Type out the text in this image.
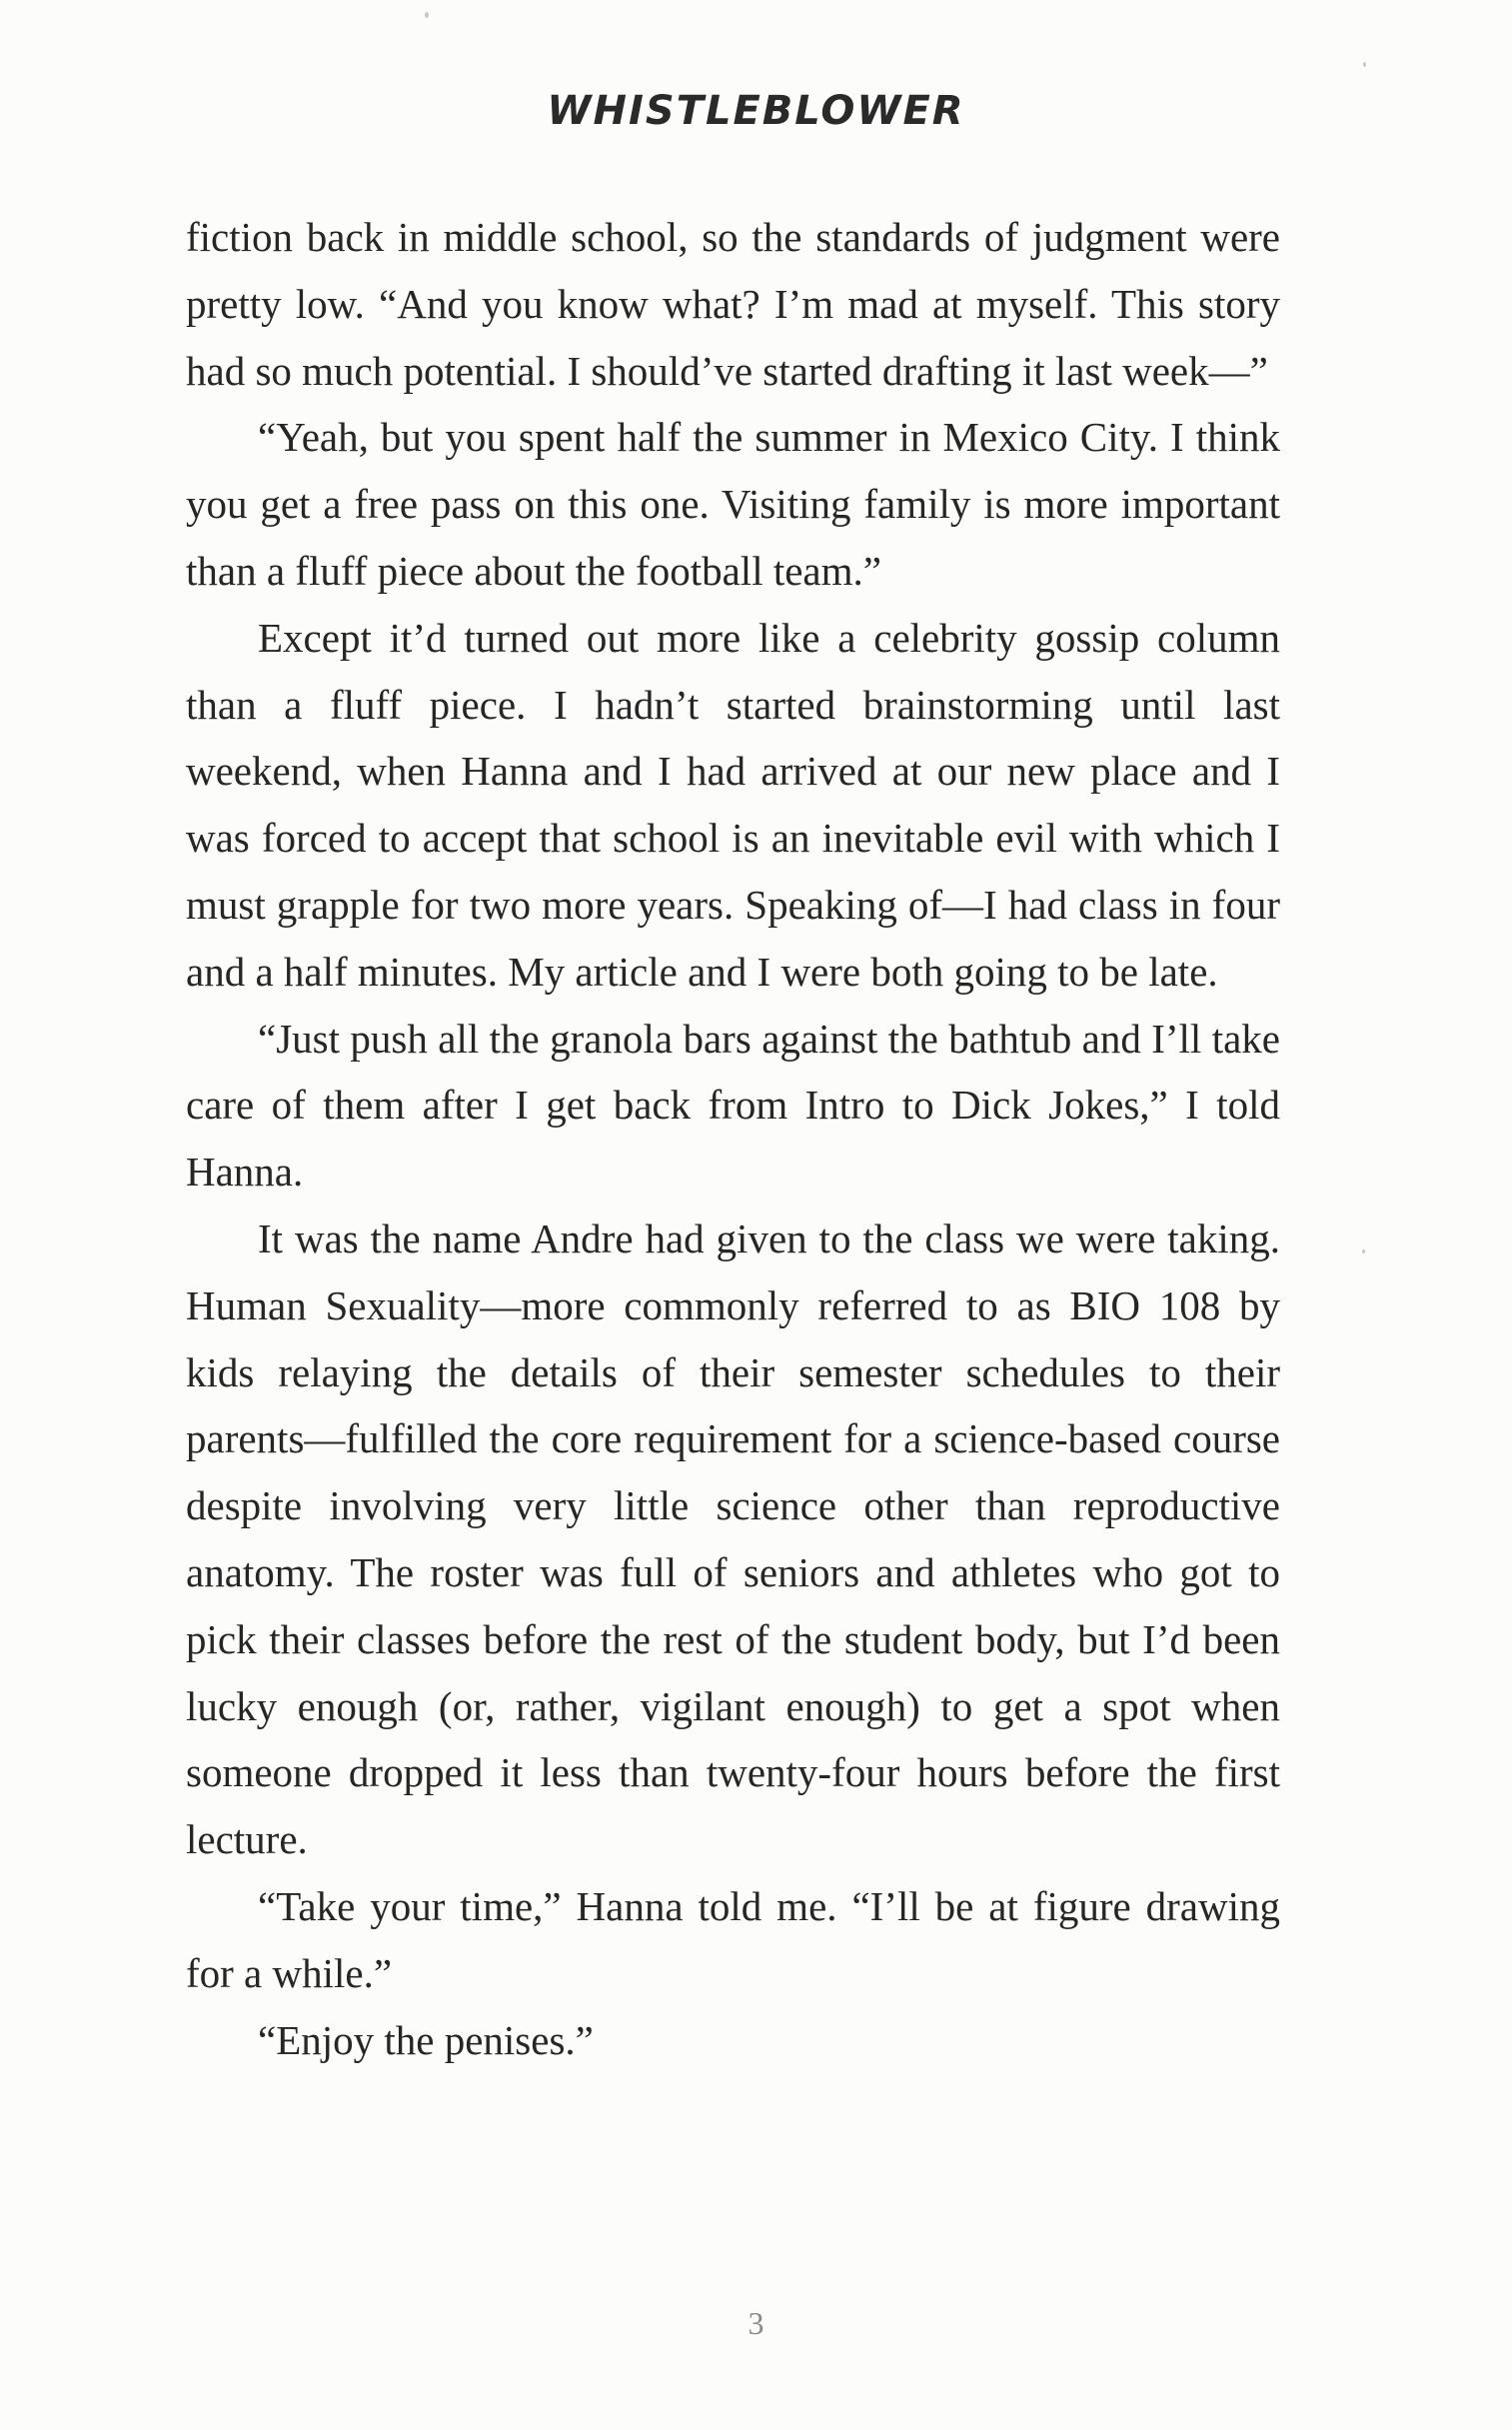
WHISTLEBLOWER

fiction back in middle school, so the standards of judgment were pretty low. “And you know what? I’m mad at myself. This story had so much potential. I should’ve started drafting it last week—”

“Yeah, but you spent half the summer in Mexico City. I think you get a free pass on this one. Visiting family is more important than a fluff piece about the football team.”

Except it’d turned out more like a celebrity gossip column than a fluff piece. I hadn’t started brainstorming until last weekend, when Hanna and I had arrived at our new place and I was forced to accept that school is an inevitable evil with which I must grapple for two more years. Speaking of—I had class in four and a half minutes. My article and I were both going to be late.

“Just push all the granola bars against the bathtub and I’ll take care of them after I get back from Intro to Dick Jokes,” I told Hanna.

It was the name Andre had given to the class we were taking. Human Sexuality—more commonly referred to as BIO 108 by kids relaying the details of their semester schedules to their parents—fulfilled the core requirement for a science-based course despite involving very little science other than reproductive anatomy. The roster was full of seniors and athletes who got to pick their classes before the rest of the student body, but I’d been lucky enough (or, rather, vigilant enough) to get a spot when someone dropped it less than twenty-four hours before the first lecture.

“Take your time,” Hanna told me. “I’ll be at figure drawing for a while.”

“Enjoy the penises.”

3
